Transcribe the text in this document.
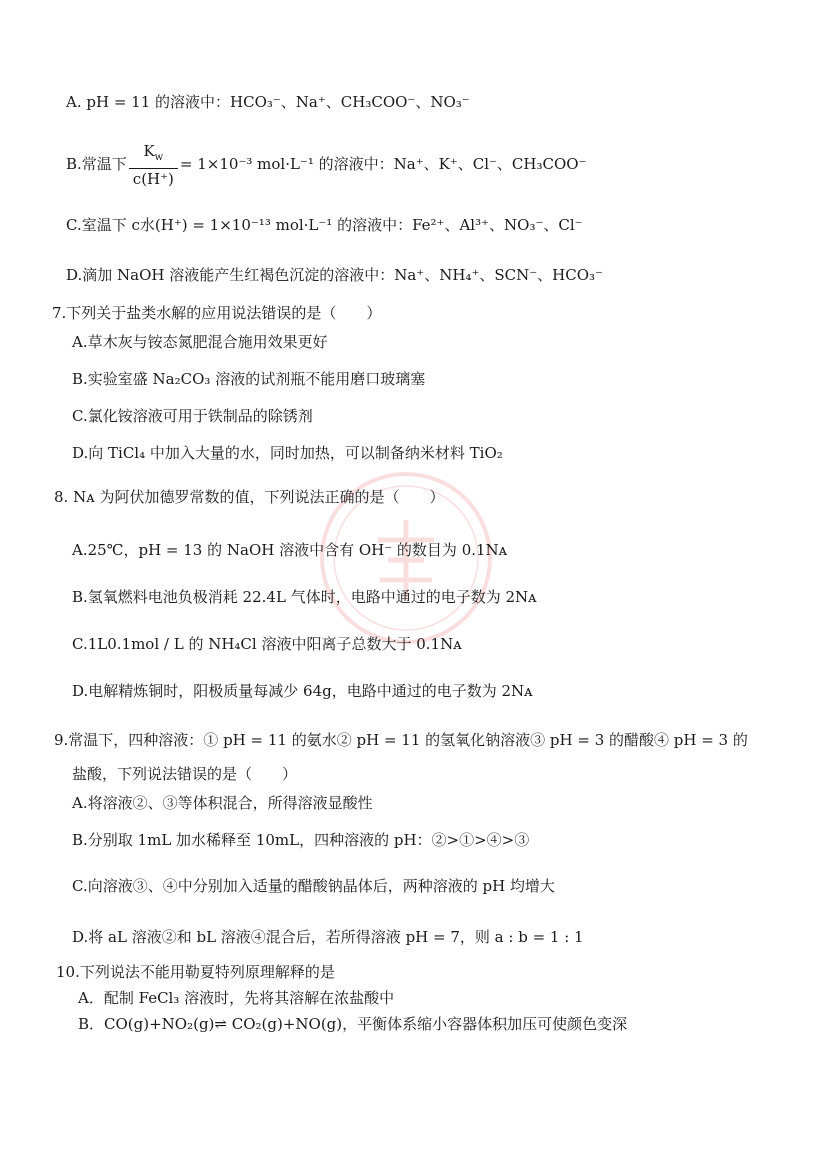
A. pH = 11 的溶液中：HCO₃⁻、Na⁺、CH₃COO⁻、NO₃⁻
B.常温下 $\frac{K_w}{c(H^+)} = 1\times 10^{-3}$ mol·L⁻¹ 的溶液中：Na⁺、K⁺、Cl⁻、CH₃COO⁻
C.室温下 c水(H⁺) = 1×10⁻¹³ mol·L⁻¹ 的溶液中：Fe²⁺、Al³⁺、NO₃⁻、Cl⁻
D.滴加 NaOH 溶液能产生红褐色沉淀的溶液中：Na⁺、NH₄⁺、SCN⁻、HCO₃⁻
7.下列关于盐类水解的应用说法错误的是（　　）
A.草木灰与铵态氮肥混合施用效果更好
B.实验室盛 Na₂CO₃ 溶液的试剂瓶不能用磨口玻璃塞
C.氯化铵溶液可用于铁制品的除锈剂
D.向 TiCl₄ 中加入大量的水，同时加热，可以制备纳米材料 TiO₂
8. Nᴀ 为阿伏加德罗常数的值，下列说法正确的是（　　）
A.25℃，pH = 13 的 NaOH 溶液中含有 OH⁻ 的数目为 0.1Nᴀ
B.氢氧燃料电池负极消耗 22.4L 气体时，电路中通过的电子数为 2Nᴀ
C.1L0.1mol / L 的 NH₄Cl 溶液中阳离子总数大于 0.1Nᴀ
D.电解精炼铜时，阳极质量每减少 64g，电路中通过的电子数为 2Nᴀ
9.常温下，四种溶液：① pH = 11 的氨水② pH = 11 的氢氧化钠溶液③ pH = 3 的醋酸④ pH = 3 的
盐酸，下列说法错误的是（　　）
A.将溶液②、③等体积混合，所得溶液显酸性
B.分别取 1mL 加水稀释至 10mL，四种溶液的 pH：②>①>④>③
C.向溶液③、④中分别加入适量的醋酸钠晶体后，两种溶液的 pH 均增大
D.将 aL 溶液②和 bL 溶液④混合后，若所得溶液 pH = 7，则 a : b = 1 : 1
10.下列说法不能用勒夏特列原理解释的是
A．配制 FeCl₃ 溶液时，先将其溶解在浓盐酸中
B．CO(g)+NO₂(g)⇌ CO₂(g)+NO(g)，平衡体系缩小容器体积加压可使颜色变深
